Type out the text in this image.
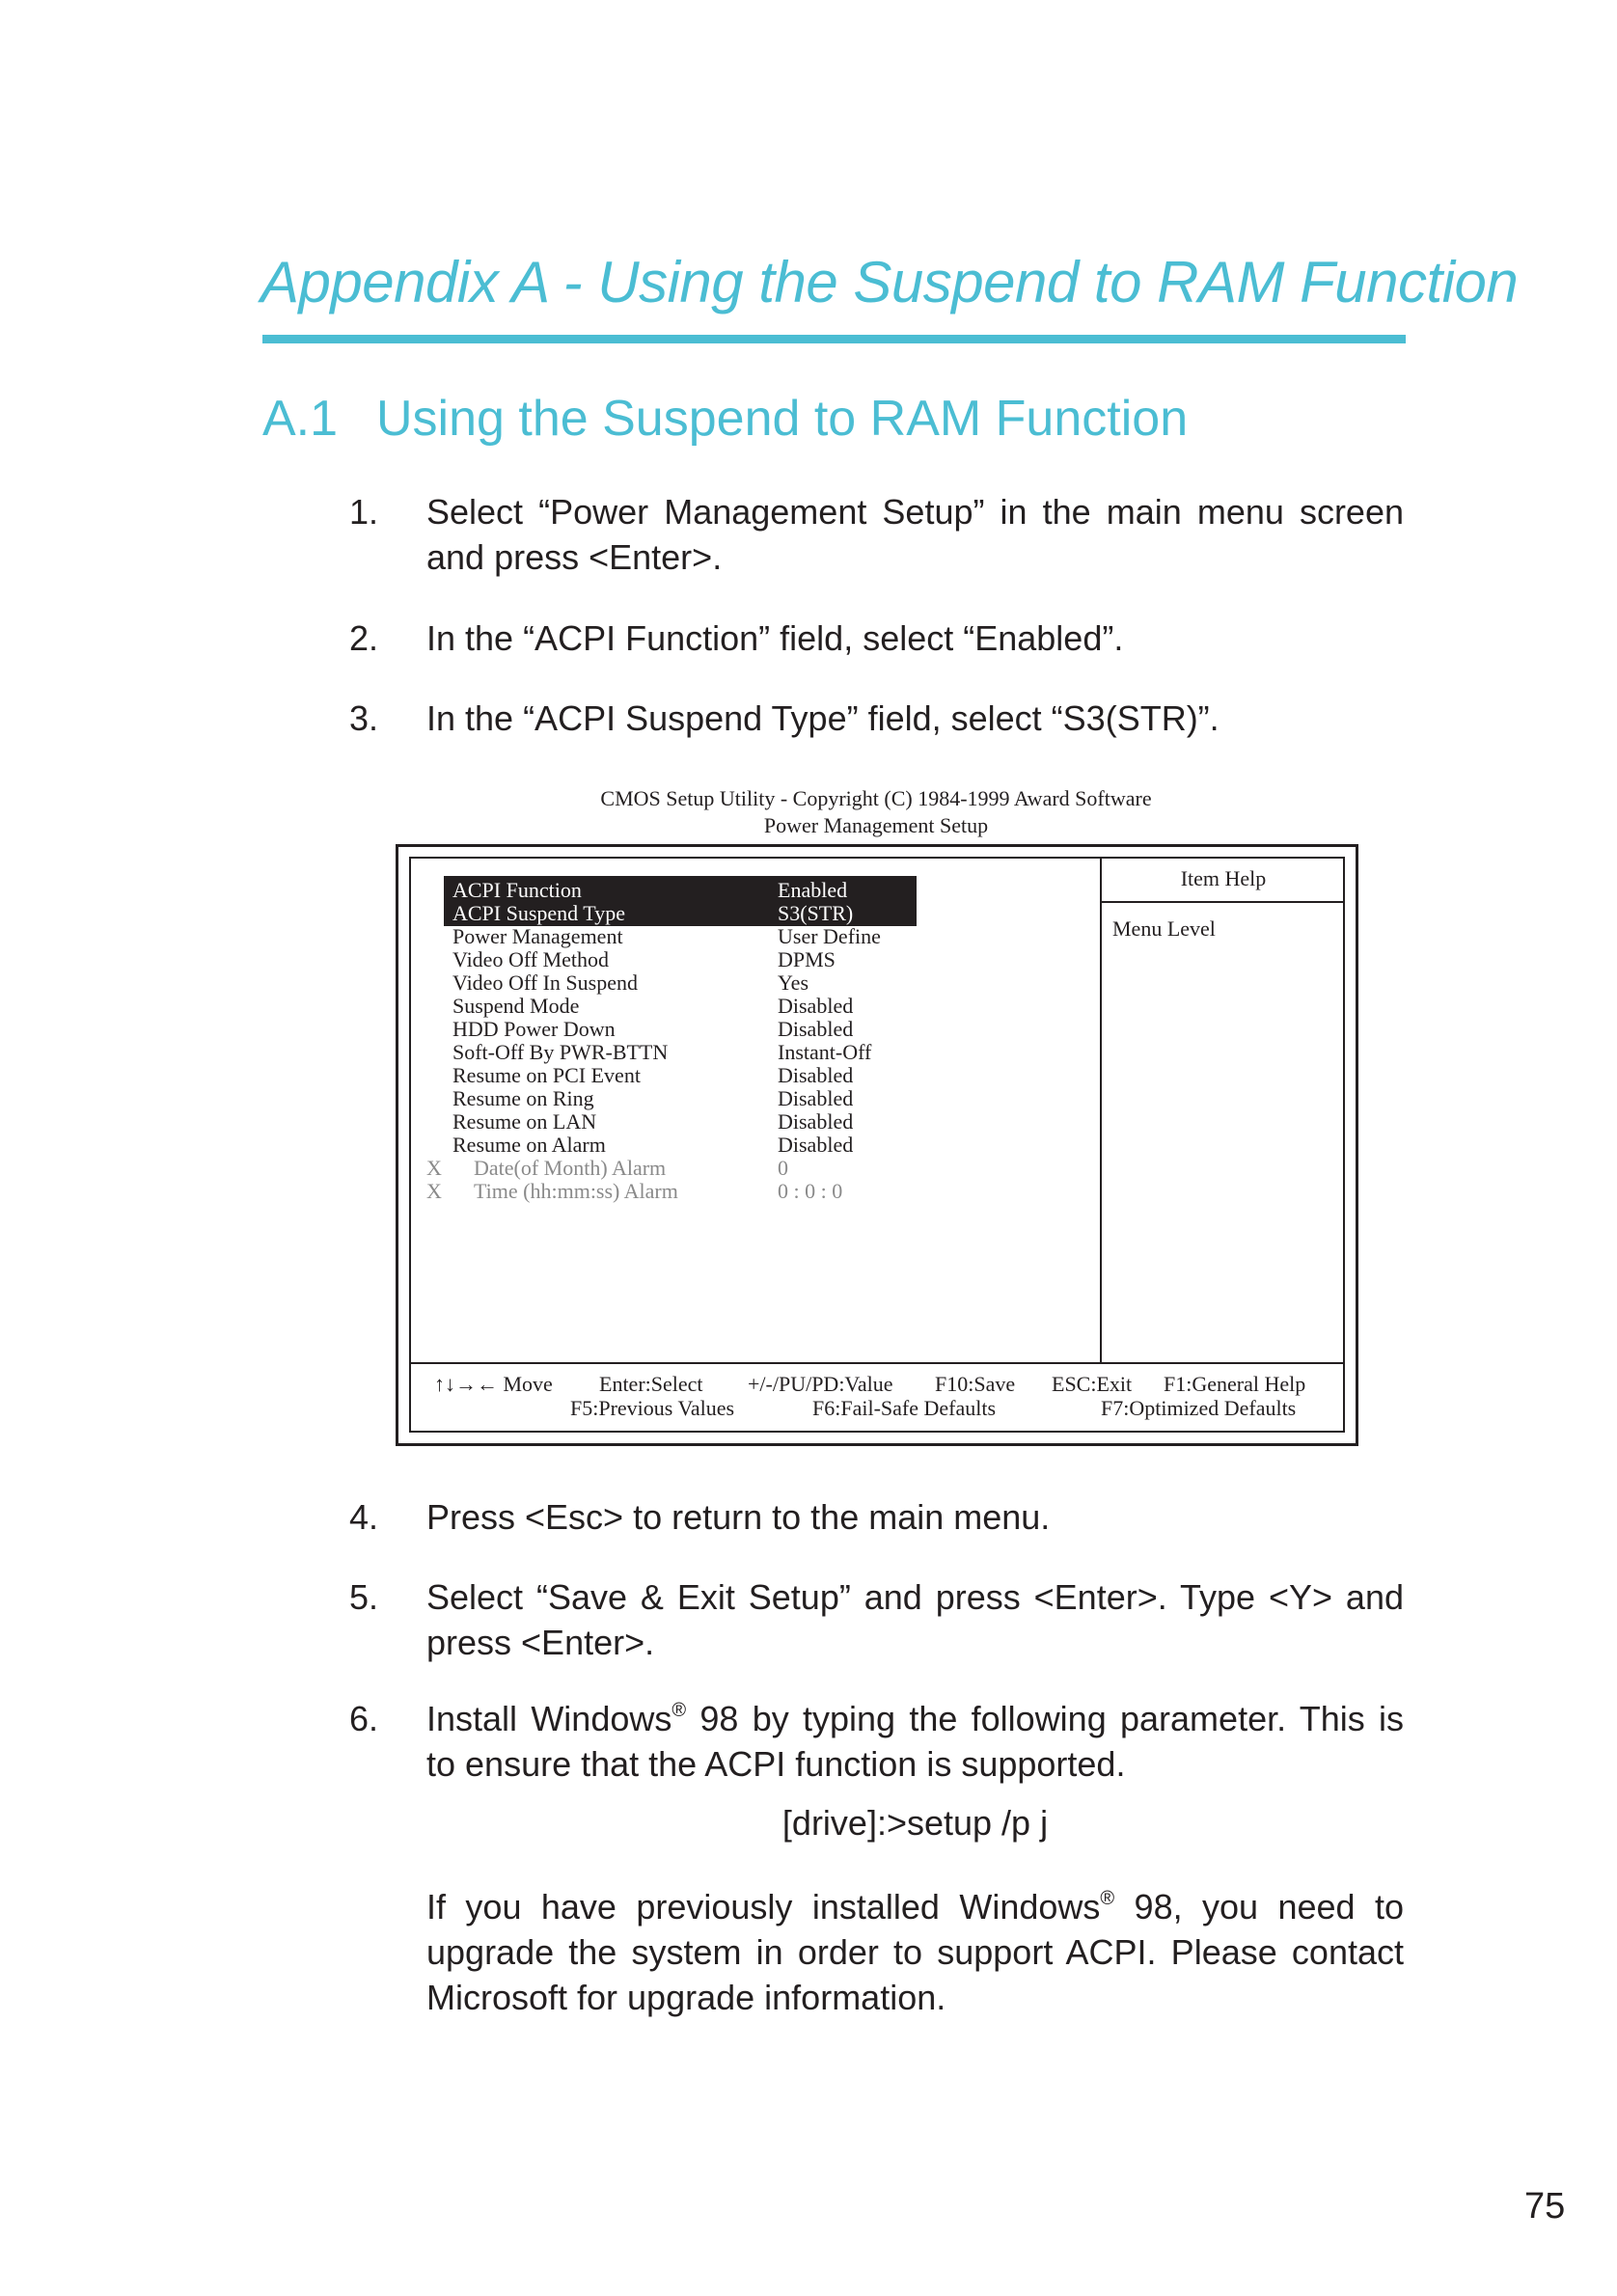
Appendix A - Using the Suspend to RAM Function
A.1 Using the Suspend to RAM Function
1. Select “Power Management Setup” in the main menu screen and press <Enter>.
2. In the “ACPI Function” field, select “Enabled”.
3. In the “ACPI Suspend Type” field, select “S3(STR)”.
CMOS Setup Utility - Copyright (C) 1984-1999 Award Software
Power Management Setup
ACPI Function	Enabled
ACPI Suspend Type	S3(STR)
Power Management	User Define
Video Off Method	DPMS
Video Off In Suspend	Yes
Suspend Mode	Disabled
HDD Power Down	Disabled
Soft-Off By PWR-BTTN	Instant-Off
Resume on PCI Event	Disabled
Resume on Ring	Disabled
Resume on LAN	Disabled
Resume on Alarm	Disabled
X Date(of Month) Alarm	0
X Time (hh:mm:ss) Alarm	0 : 0 : 0
Item Help
Menu Level
↑↓→← Move Enter:Select +/-/PU/PD:Value F10:Save ESC:Exit F1:General Help
F5:Previous Values	F6:Fail-Safe Defaults	F7:Optimized Defaults
4. Press <Esc> to return to the main menu.
5. Select “Save & Exit Setup” and press <Enter>. Type <Y> and press <Enter>.
6. Install Windows® 98 by typing the following parameter. This is to ensure that the ACPI function is supported.
[drive]:>setup /p j
If you have previously installed Windows® 98, you need to upgrade the system in order to support ACPI. Please contact Microsoft for upgrade information.
75
